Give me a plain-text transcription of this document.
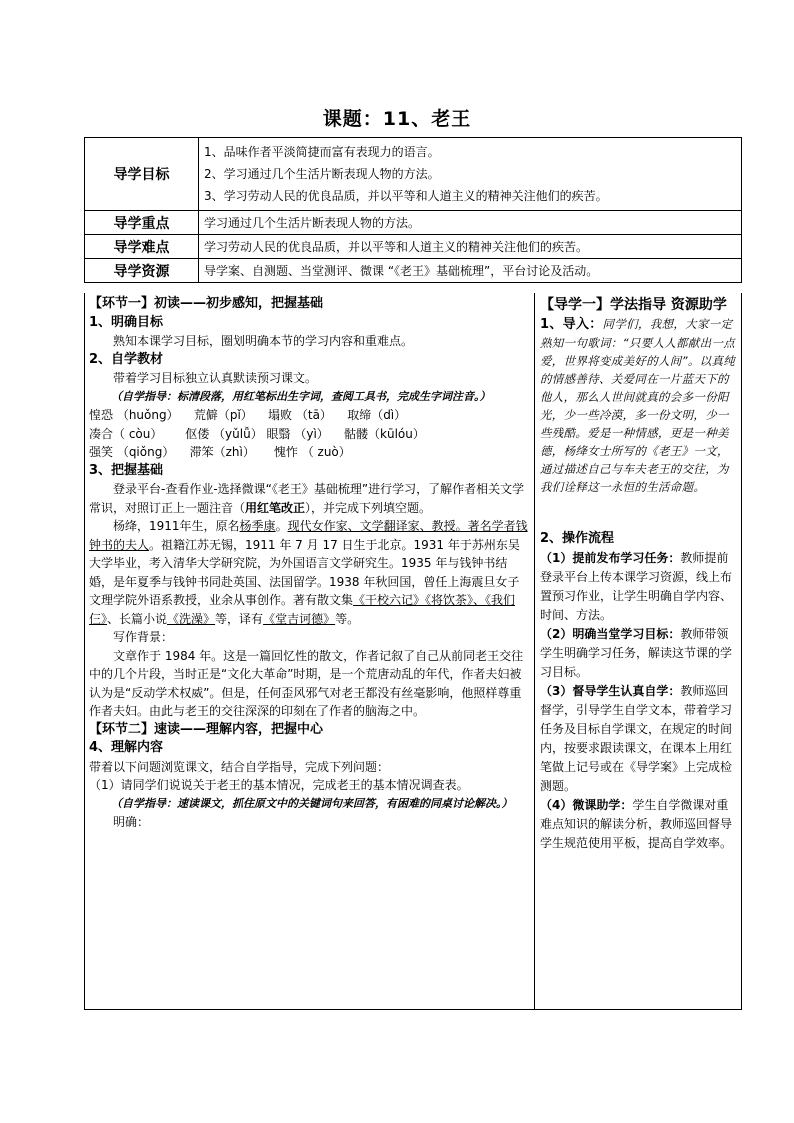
课题：11、老王
导学目标	1、品味作者平淡简捷而富有表现力的语言。
2、学习通过几个生活片断表现人物的方法。
3、学习劳动人民的优良品质，并以平等和人道主义的精神关注他们的疾苦。

导学重点	学习通过几个生活片断表现人物的方法。
导学难点	学习劳动人民的优良品质，并以平等和人道主义的精神关注他们的疾苦。
导学资源	导学案、自测题、当堂测评、微课 “《老王》基础梳理”，平台讨论及活动。
【环节一】初读——初步感知，把握基础
1、明确目标
熟知本课学习目标，圈划明确本节的学习内容和重难点。
2、自学教材
带着学习目标独立认真默读预习课文。
（自学指导：标清段落，用红笔标出生字词，查阅工具书，完成生字词注音。）
惶恐 （huǒng）    荒僻（pǐ）    塌败 （tā）    取缔（dì）
凑合（ còu）      伛偻 （yǔlǚ） 眼翳 （yì）    骷髅（kūlóu）
强笑 （qiǒng）    滞笨（zhì）     愧怍 （ zuò）
3、把握基础
登录平台-查看作业-选择微课“《老王》基础梳理”进行学习，了解作者相关文学常识，对照订正上一题注音（用红笔改正），并完成下列填空题。
杨绛，1911年生，原名杨季康。现代女作家、文学翻译家、教授。著名学者钱钟书的夫人。祖籍江苏无锡，1911 年 7 月 17 日生于北京。1931 年于苏州东吴大学毕业，考入清华大学研究院，为外国语言文学研究生。1935 年与钱钟书结婚，是年夏季与钱钟书同赴英国、法国留学。1938 年秋回国，曾任上海震旦女子文理学院外语系教授，业余从事创作。著有散文集《干校六记》《将饮茶》、《我们仨》、长篇小说《洗澡》等，译有《堂吉诃德》等。
写作背景：
文章作于 1984 年。这是一篇回忆性的散文，作者记叙了自己从前同老王交往中的几个片段，当时正是“文化大革命”时期，是一个荒唐动乱的年代，作者夫妇被认为是“反动学术权威”。但是，任何歪风邪气对老王都没有丝毫影响，他照样尊重作者夫妇。由此与老王的交往深深的印刻在了作者的脑海之中。
【环节二】速读——理解内容，把握中心
4、理解内容
带着以下问题浏览课文，结合自学指导，完成下列问题：
（1）请同学们说说关于老王的基本情况，完成老王的基本情况调查表。
（自学指导：速读课文，抓住原文中的关键词句来回答，有困难的同桌讨论解决。）
明确：
【导学一】学法指导 资源助学
1、导入：同学们，我想，大家一定熟知一句歌词：“只要人人都献出一点爱，世界将变成美好的人间”。以真纯的情感善待、关爱同在一片蓝天下的他人，那么人世间就真的会多一份阳光，少一些冷漠，多一份文明，少一些残酷。爱是一种情感，更是一种美德，杨绛女士所写的《老王》一文，通过描述自己与车夫老王的交往，为我们诠释这一永恒的生活命题。
2、操作流程
（1）提前发布学习任务：教师提前登录平台上传本课学习资源，线上布置预习作业，让学生明确自学内容、时间、方法。
（2）明确当堂学习目标：教师带领学生明确学习任务，解读这节课的学习目标。
（3）督导学生认真自学：教师巡回督学，引导学生自学文本，带着学习任务及目标自学课文，在规定的时间内，按要求跟读课文，在课本上用红笔做上记号或在《导学案》上完成检测题。
（4）微课助学：学生自学微课对重难点知识的解读分析，教师巡回督导学生规范使用平板，提高自学效率。
